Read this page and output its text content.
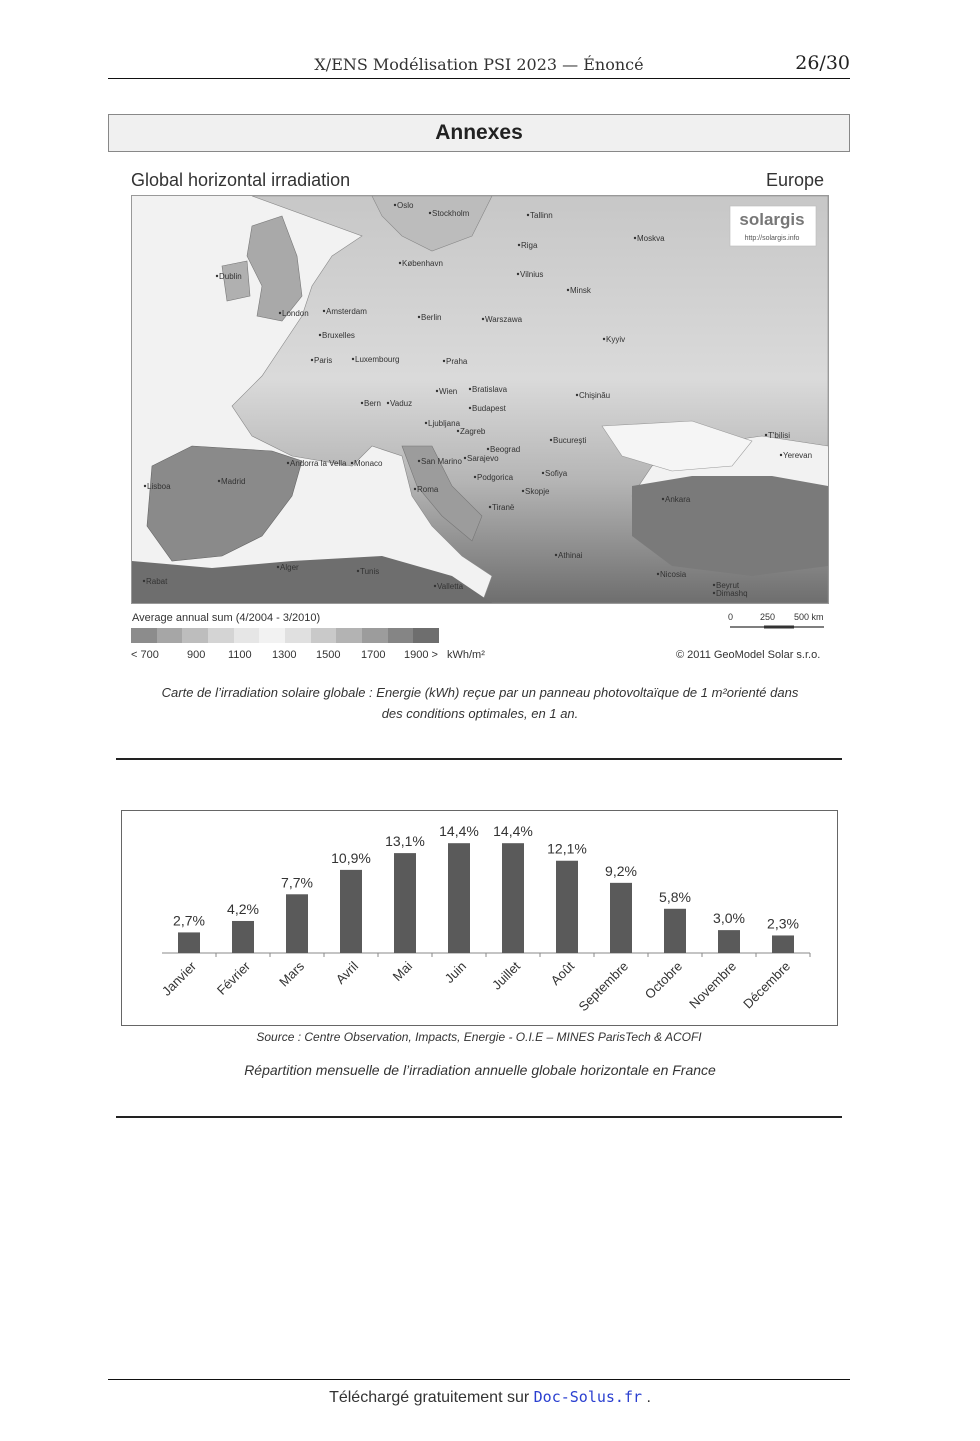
X/ENS Modélisation PSI 2023 — Énoncé	26/30
Annexes
Global horizontal irradiation	Europe
solargis
http://solargis.info
Oslo
Stockholm	Tallinn
Moskva
Riga
København
Vilnius
Dublin
Minsk
Amsterdam
London	Berlin	Warszawa
Bruxelles	Kyyiv
Paris	Luxembourg	Praha
Wien Bratislava
Chişinău
Bern Vaduz
Budapest
Ljubljana
Zagreb
Bucureşti
T'bilisi
Beograd
Yerevan
Andorra la Vella Monaco	San Marino Sarajevo
Sofiya
Podgorica
Madrid
Lisboa	Roma	Skopje
Ankara
Tiranë
Athinai
Alger	Tunis	Nicosia
Beyrut
Dimashq
Rabat
Valletta
Average annual sum (4/2004 - 3/2010)
< 700	900 1100 1300 1500 1700 1900 > kWh/m²
0	250 500 km
© 2011 GeoModel Solar s.r.o.
Carte de l’irradiation solaire globale : Energie (kWh) reçue par un panneau photovoltaïque de 1 m²orienté dans
des conditions optimales, en 1 an.
2,7%
4,2%
7,7%
10,9%
13,1%
14,4% 14,4%
12,1%
9,2%
5,8%
3,0% 2,3%
Janvier Février Mars Avril Mai Juin Juillet Août
Septembre Octobre Novembre Décembre
Source : Centre Observation, Impacts, Energie - O.I.E – MINES ParisTech & ACOFI
Répartition mensuelle de l’irradiation annuelle globale horizontale en France
Téléchargé gratuitement sur Doc-Solus.fr .
